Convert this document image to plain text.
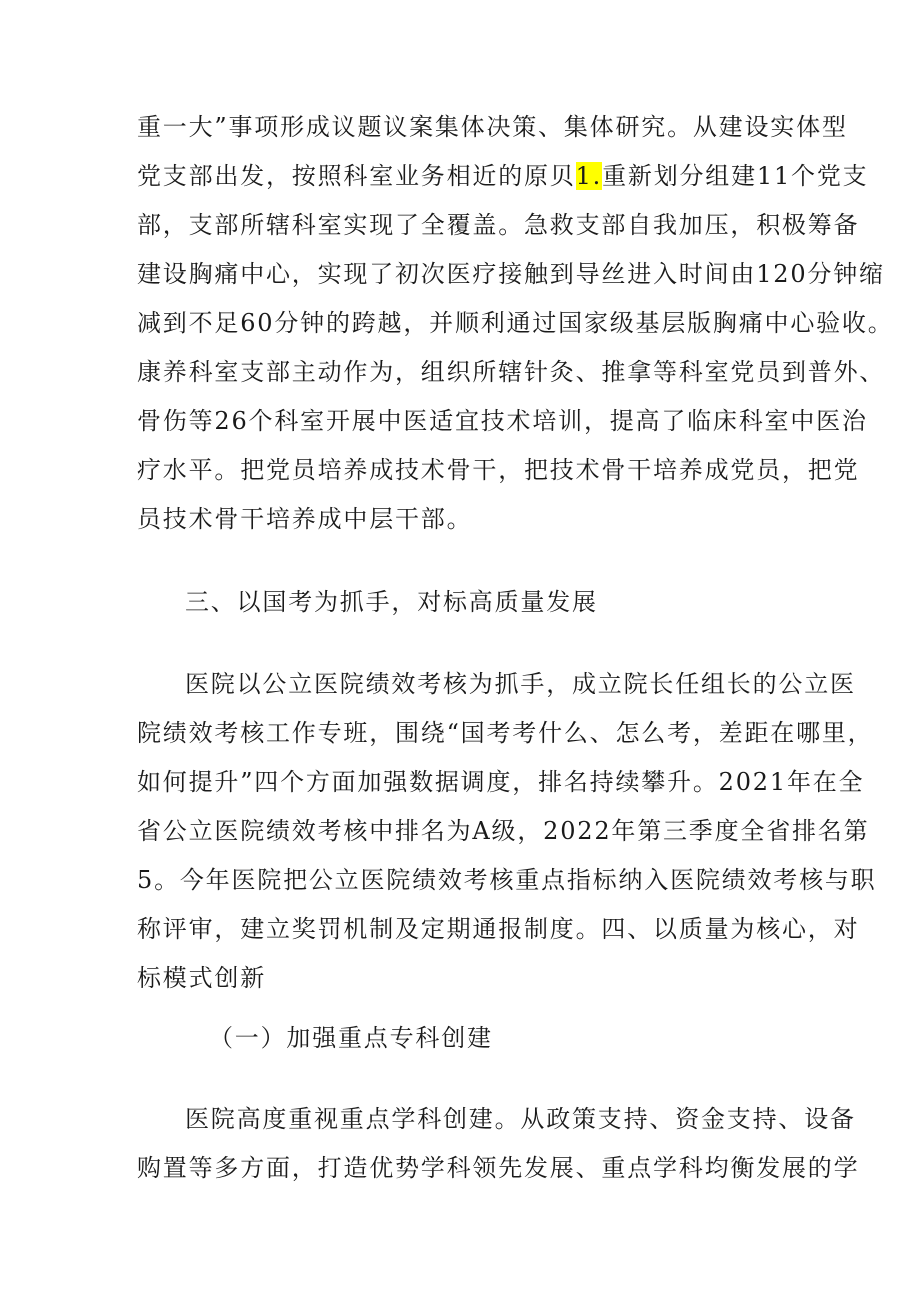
重一大”事项形成议题议案集体决策、集体研究。从建设实体型
党支部出发，按照科室业务相近的原贝1.重新划分组建11个党支
部，支部所辖科室实现了全覆盖。急救支部自我加压，积极筹备
建设胸痛中心，实现了初次医疗接触到导丝进入时间由120分钟缩
减到不足60分钟的跨越，并顺利通过国家级基层版胸痛中心验收。
康养科室支部主动作为，组织所辖针灸、推拿等科室党员到普外、
骨伤等26个科室开展中医适宜技术培训，提高了临床科室中医治
疗水平。把党员培养成技术骨干，把技术骨干培养成党员，把党
员技术骨干培养成中层干部。
三、以国考为抓手，对标高质量发展
医院以公立医院绩效考核为抓手，成立院长任组长的公立医
院绩效考核工作专班，围绕“国考考什么、怎么考，差距在哪里，
如何提升”四个方面加强数据调度，排名持续攀升。2021年在全
省公立医院绩效考核中排名为A级，2022年第三季度全省排名第
5。今年医院把公立医院绩效考核重点指标纳入医院绩效考核与职
称评审，建立奖罚机制及定期通报制度。四、以质量为核心，对
标模式创新
（一）加强重点专科创建
医院高度重视重点学科创建。从政策支持、资金支持、设备
购置等多方面，打造优势学科领先发展、重点学科均衡发展的学
